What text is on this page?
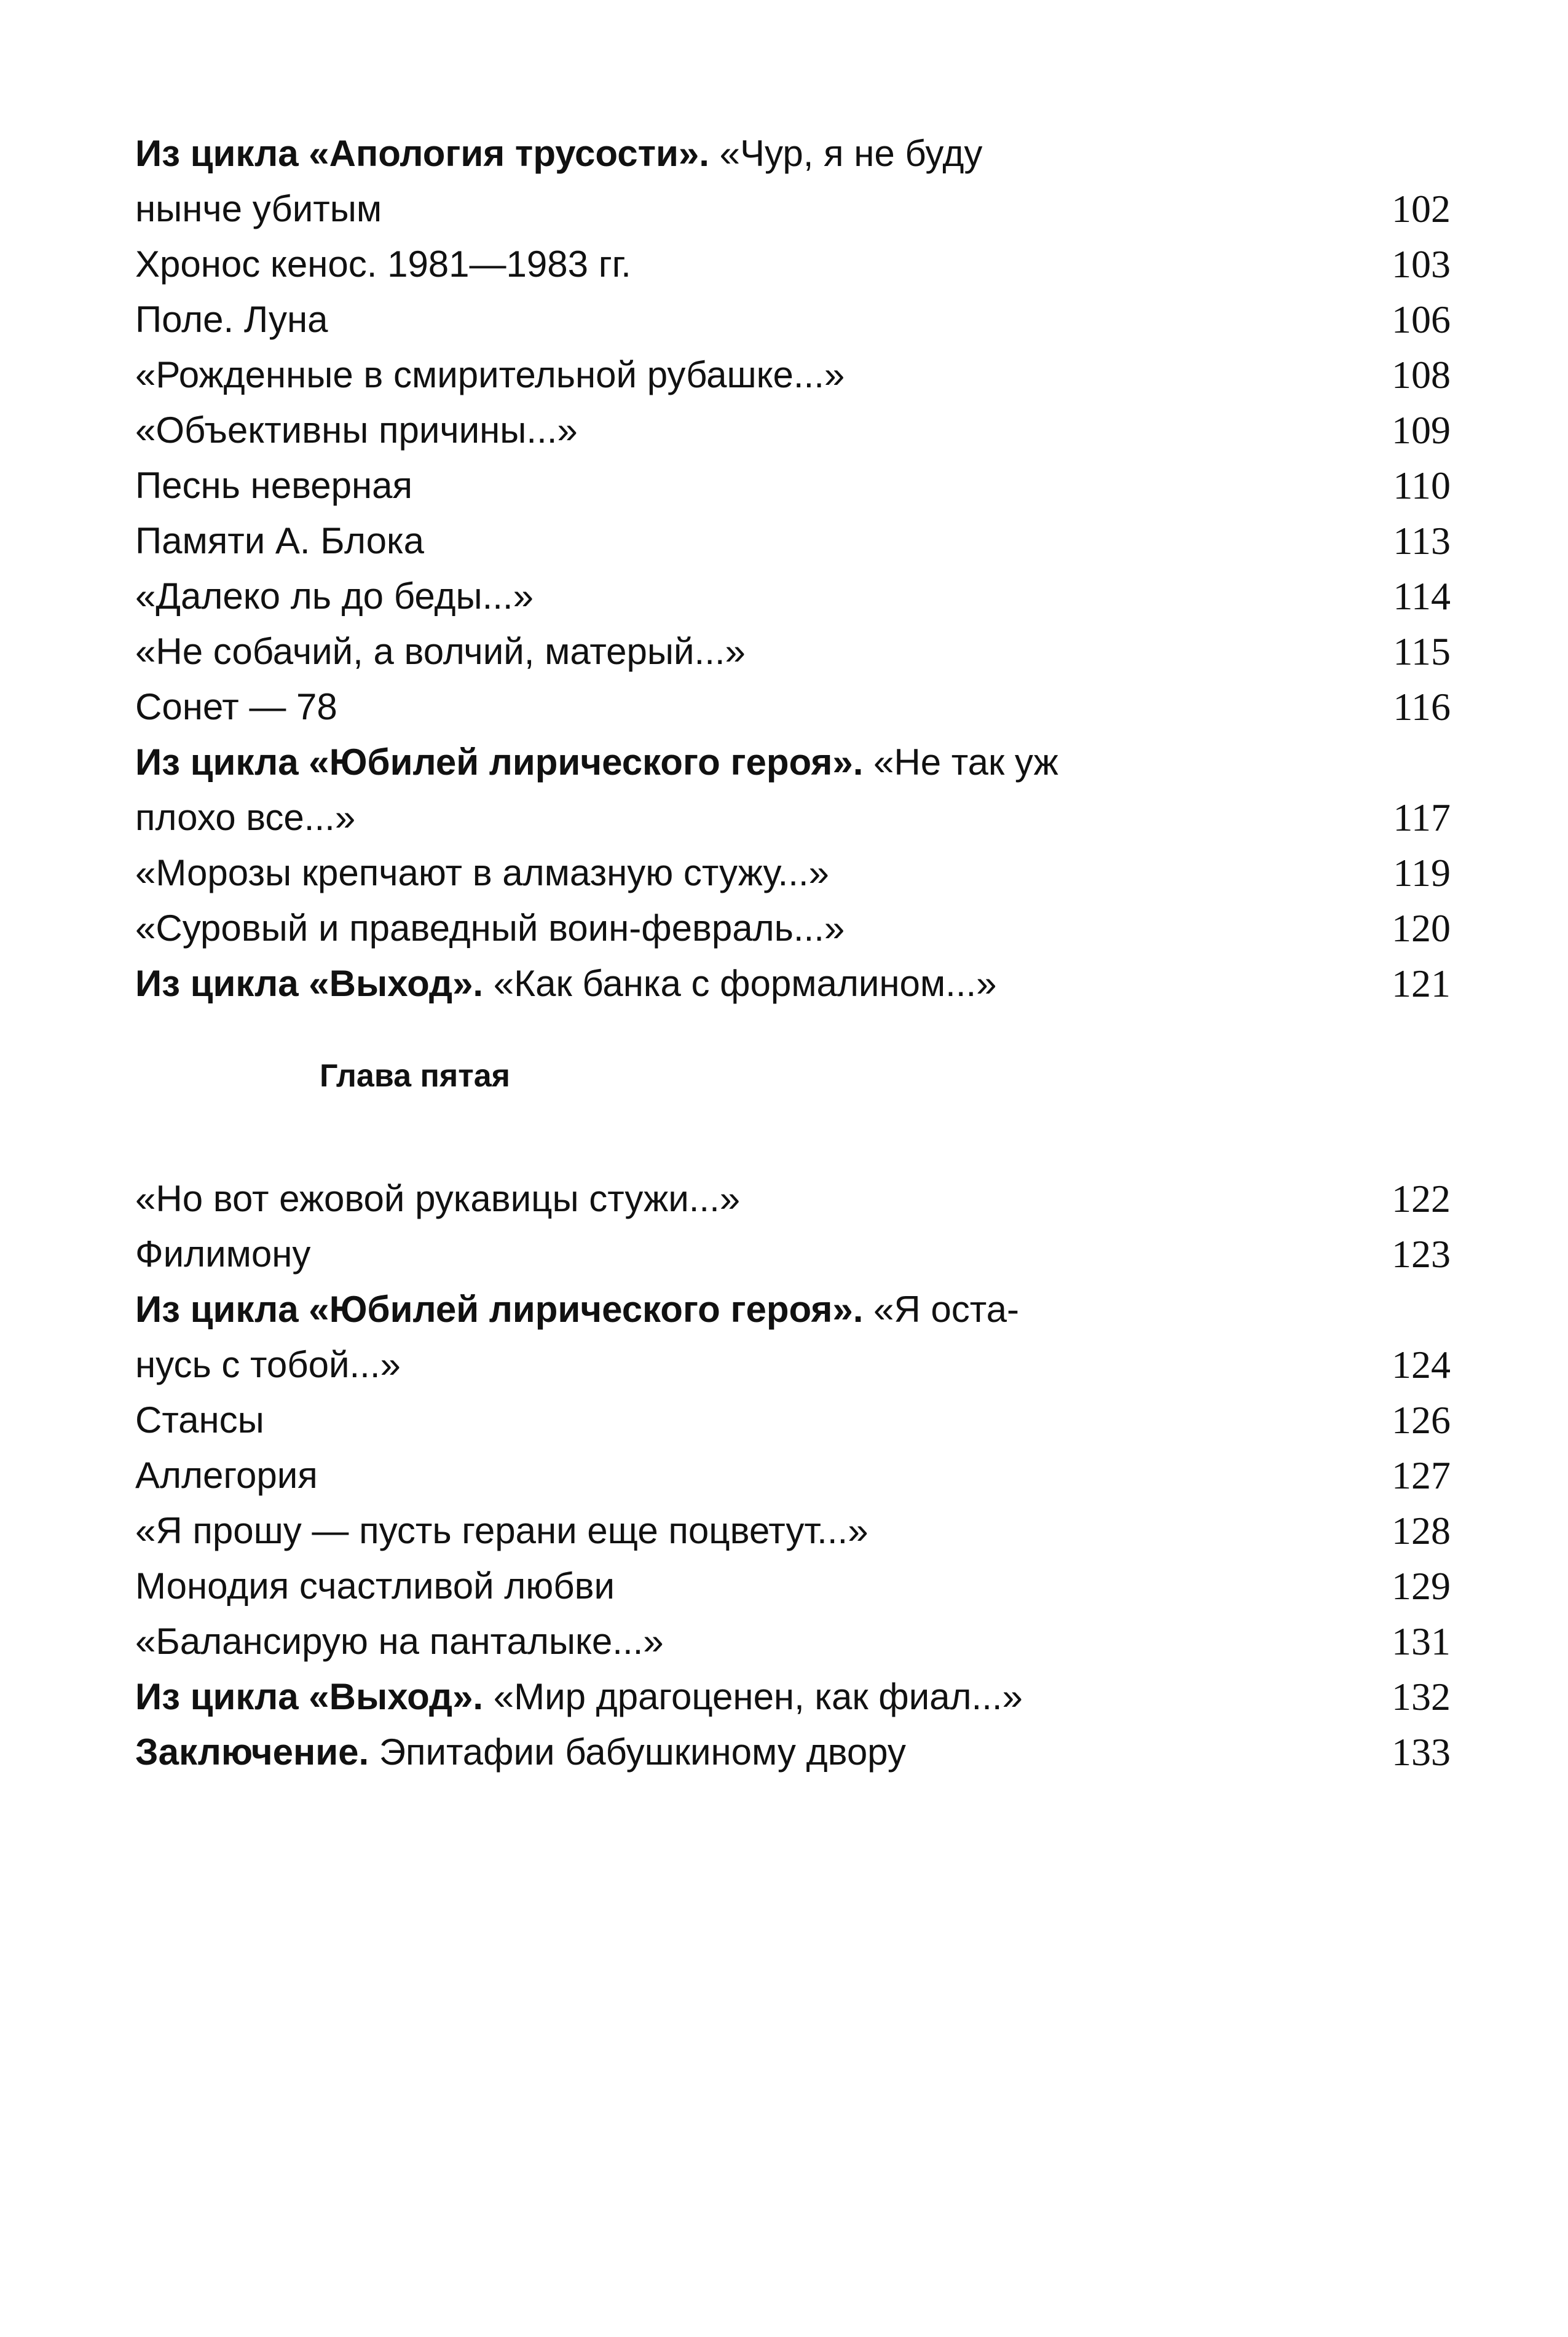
Из цикла «Апология трусости». «Чур, я не буду
нынче убитым	102
Хронос кенос. 1981—1983 гг.	103
Поле. Луна	106
«Рожденные в смирительной рубашке...»	108
«Объективны причины...»	109
Песнь неверная	110
Памяти А. Блока	113
«Далеко ль до беды...»	114
«Не собачий, а волчий, матерый...»	115
Сонет — 78	116
Из цикла «Юбилей лирического героя». «Не так уж
плохо все...»	117
«Морозы крепчают в алмазную стужу...»	119
«Суровый и праведный воин-февраль...»	120
Из цикла «Выход». «Как банка с формалином...»	121
Глава пятая
«Но вот ежовой рукавицы стужи...»	122
Филимону	123
Из цикла «Юбилей лирического героя». «Я оста-
нусь с тобой...»	124
Стансы	126
Аллегория	127
«Я прошу — пусть герани еще поцветут...»	128
Монодия счастливой любви	129
«Балансирую на панталыке...»	131
Из цикла «Выход». «Мир драгоценен, как фиал...»	132
Заключение. Эпитафии бабушкиному двору	133
